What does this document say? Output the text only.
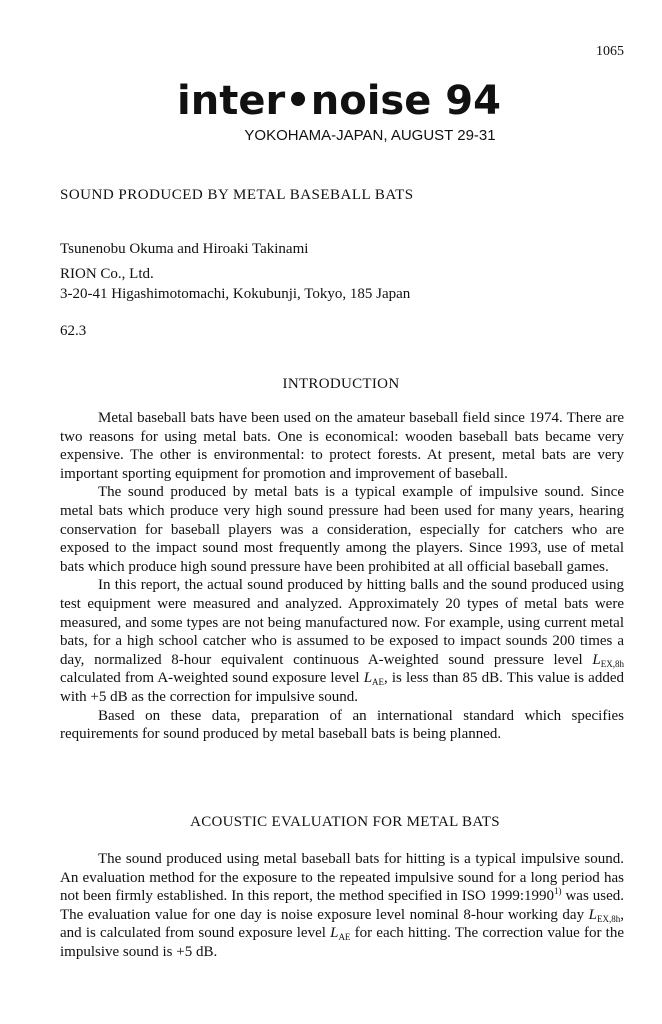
1065
inter•noise 94
YOKOHAMA-JAPAN, AUGUST 29-31
SOUND PRODUCED BY METAL BASEBALL BATS
Tsunenobu Okuma and Hiroaki Takinami
RION Co., Ltd.
3-20-41 Higashimotomachi, Kokubunji, Tokyo, 185 Japan
62.3
INTRODUCTION

Metal baseball bats have been used on the amateur baseball field since 1974. There are two reasons for using metal bats. One is economical: wooden baseball bats became very expensive. The other is environmental: to protect forests. At present, metal bats are very important sporting equipment for promotion and improvement of baseball.

The sound produced by metal bats is a typical example of impulsive sound. Since metal bats which produce very high sound pressure had been used for many years, hearing conservation for baseball players was a consideration, especially for catchers who are exposed to the impact sound most frequently among the players. Since 1993, use of metal bats which produce high sound pressure have been prohibited at all official baseball games.

In this report, the actual sound produced by hitting balls and the sound produced using test equipment were measured and analyzed. Approximately 20 types of metal bats were measured, and some types are not being manufactured now. For example, using current metal bats, for a high school catcher who is assumed to be exposed to impact sounds 200 times a day, normalized 8-hour equivalent continuous A-weighted sound pressure level $L_{EX,8h}$ calculated from A-weighted sound exposure level $L_{AE}$, is less than 85 dB. This value is added with +5 dB as the correction for impulsive sound.

Based on these data, preparation of an international standard which specifies requirements for sound produced by metal baseball bats is being planned.

ACOUSTIC EVALUATION FOR METAL BATS

The sound produced using metal baseball bats for hitting is a typical impulsive sound. An evaluation method for the exposure to the repeated impulsive sound for a long period has not been firmly established. In this report, the method specified in ISO 1999:1990$^{1)}$ was used. The evaluation value for one day is noise exposure level nominal 8-hour working day $L_{EX,8h}$, and is calculated from sound exposure level $L_{AE}$ for each hitting. The correction value for the impulsive sound is +5 dB.
